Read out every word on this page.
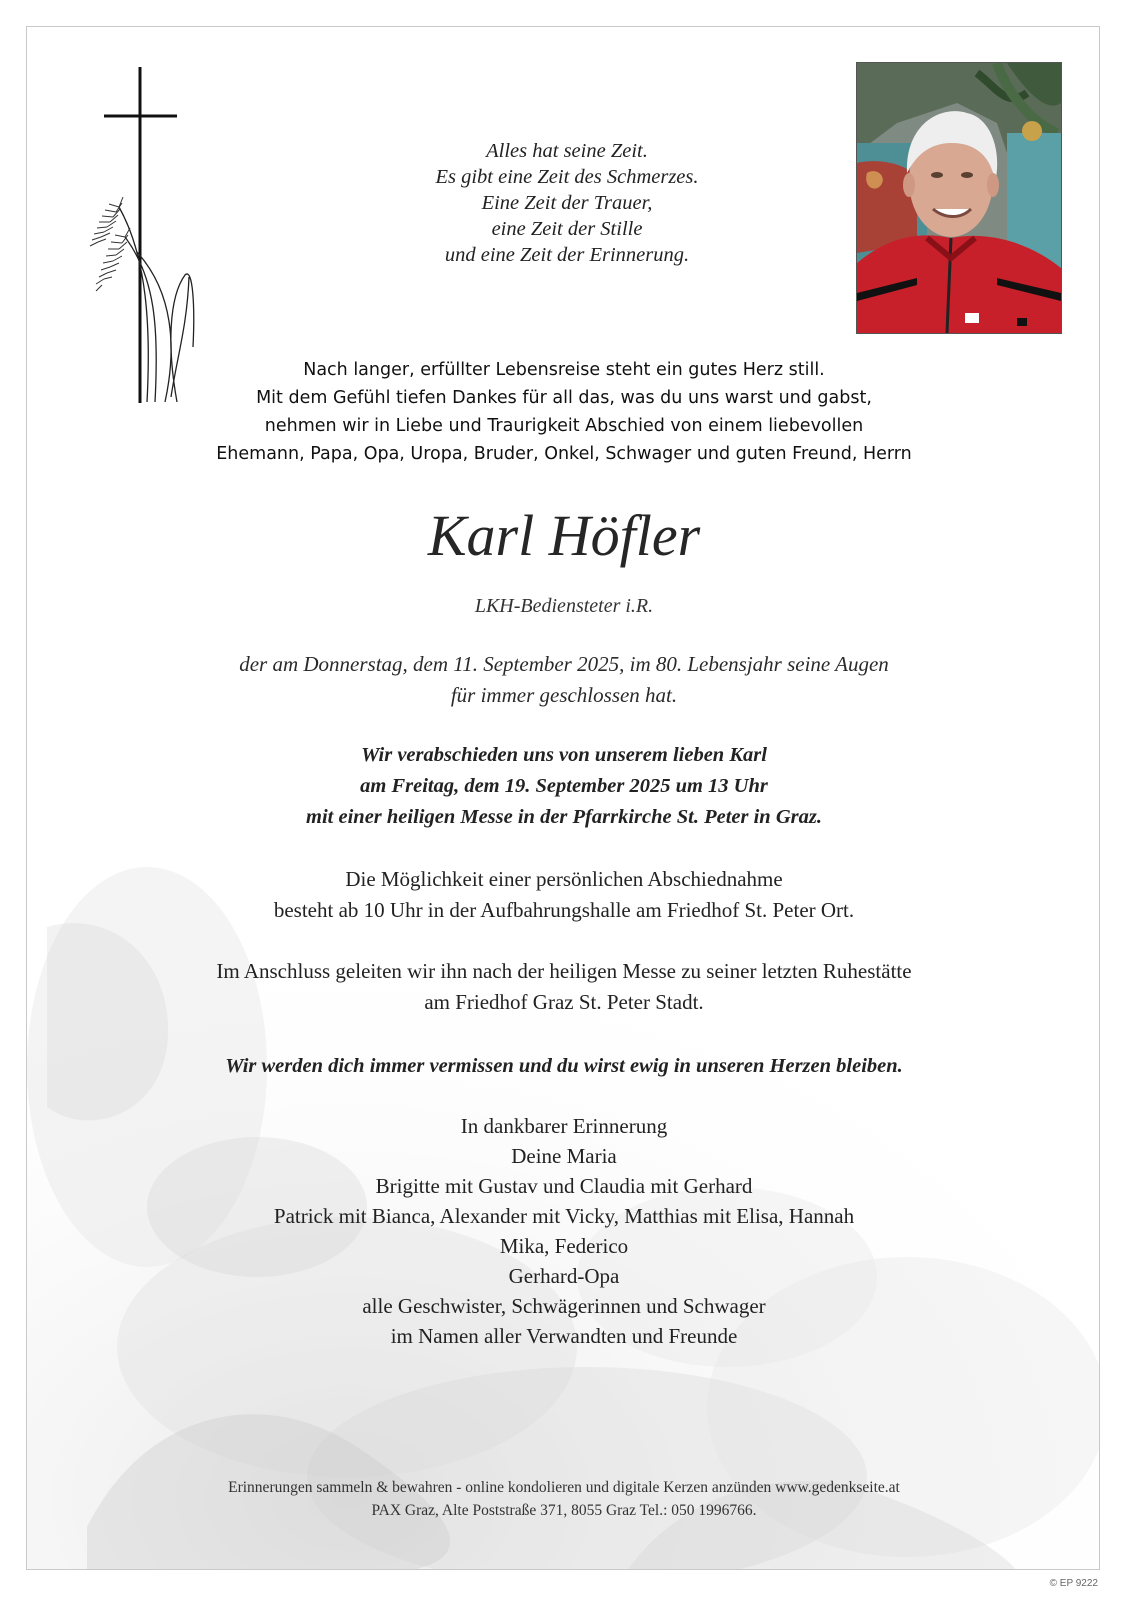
Alles hat seine Zeit.
Es gibt eine Zeit des Schmerzes.
Eine Zeit der Trauer,
eine Zeit der Stille
und eine Zeit der Erinnerung.
Nach langer, erfüllter Lebensreise steht ein gutes Herz still.
Mit dem Gefühl tiefen Dankes für all das, was du uns warst und gabst,
nehmen wir in Liebe und Traurigkeit Abschied von einem liebevollen
Ehemann, Papa, Opa, Uropa, Bruder, Onkel, Schwager und guten Freund, Herrn
Karl Höfler
LKH-Bediensteter i.R.
der am Donnerstag, dem 11. September 2025, im 80. Lebensjahr seine Augen
für immer geschlossen hat.
Wir verabschieden uns von unserem lieben Karl
am Freitag, dem 19. September 2025 um 13 Uhr
mit einer heiligen Messe in der Pfarrkirche St. Peter in Graz.
Die Möglichkeit einer persönlichen Abschiednahme
besteht ab 10 Uhr in der Aufbahrungshalle am Friedhof St. Peter Ort.
Im Anschluss geleiten wir ihn nach der heiligen Messe zu seiner letzten Ruhestätte
am Friedhof Graz St. Peter Stadt.
Wir werden dich immer vermissen und du wirst ewig in unseren Herzen bleiben.
In dankbarer Erinnerung
Deine Maria
Brigitte mit Gustav und Claudia mit Gerhard
Patrick mit Bianca, Alexander mit Vicky, Matthias mit Elisa, Hannah
Mika, Federico
Gerhard-Opa
alle Geschwister, Schwägerinnen und Schwager
im Namen aller Verwandten und Freunde
Erinnerungen sammeln & bewahren - online kondolieren und digitale Kerzen anzünden www.gedenkseite.at
PAX Graz, Alte Poststraße 371, 8055 Graz Tel.: 050 1996766.
© EP 9222
